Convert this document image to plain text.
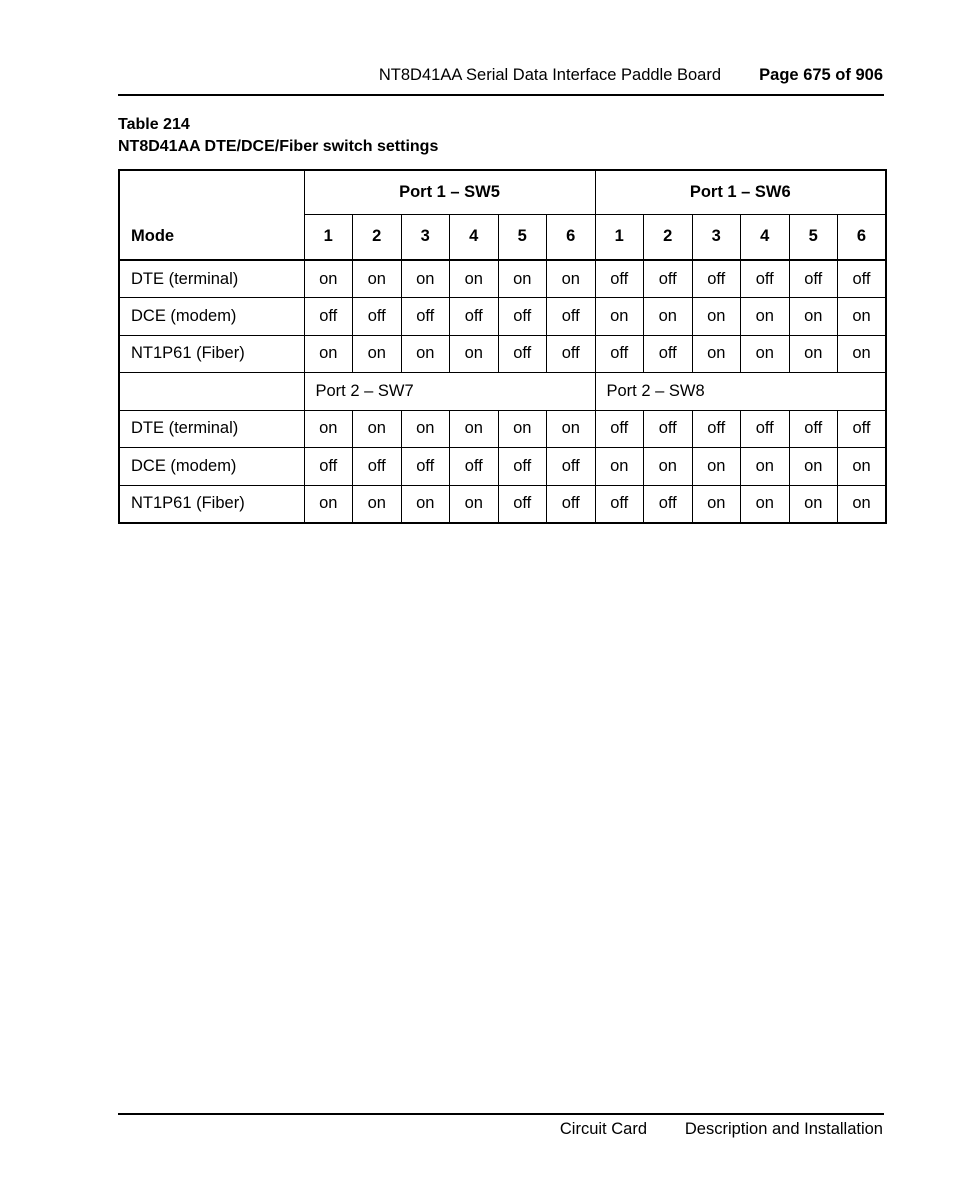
NT8D41AA Serial Data Interface Paddle Board Page 675 of 906
Table 214
NT8D41AA DTE/DCE/Fiber switch settings
Mode	Port 1 – SW5						Port 1 – SW6					
	1	2	3	4	5	6	1	2	3	4	5	6
DTE (terminal)	on	on	on	on	on	on	off	off	off	off	off	off
DCE (modem)	off	off	off	off	off	off	on	on	on	on	on	on
NT1P61 (Fiber)	on	on	on	on	off	off	off	off	on	on	on	on
	Port 2 – SW7						Port 2 – SW8					
DTE (terminal)	on	on	on	on	on	on	off	off	off	off	off	off
DCE (modem)	off	off	off	off	off	off	on	on	on	on	on	on
NT1P61 (Fiber)	on	on	on	on	off	off	off	off	on	on	on	on
Circuit Card Description and Installation
